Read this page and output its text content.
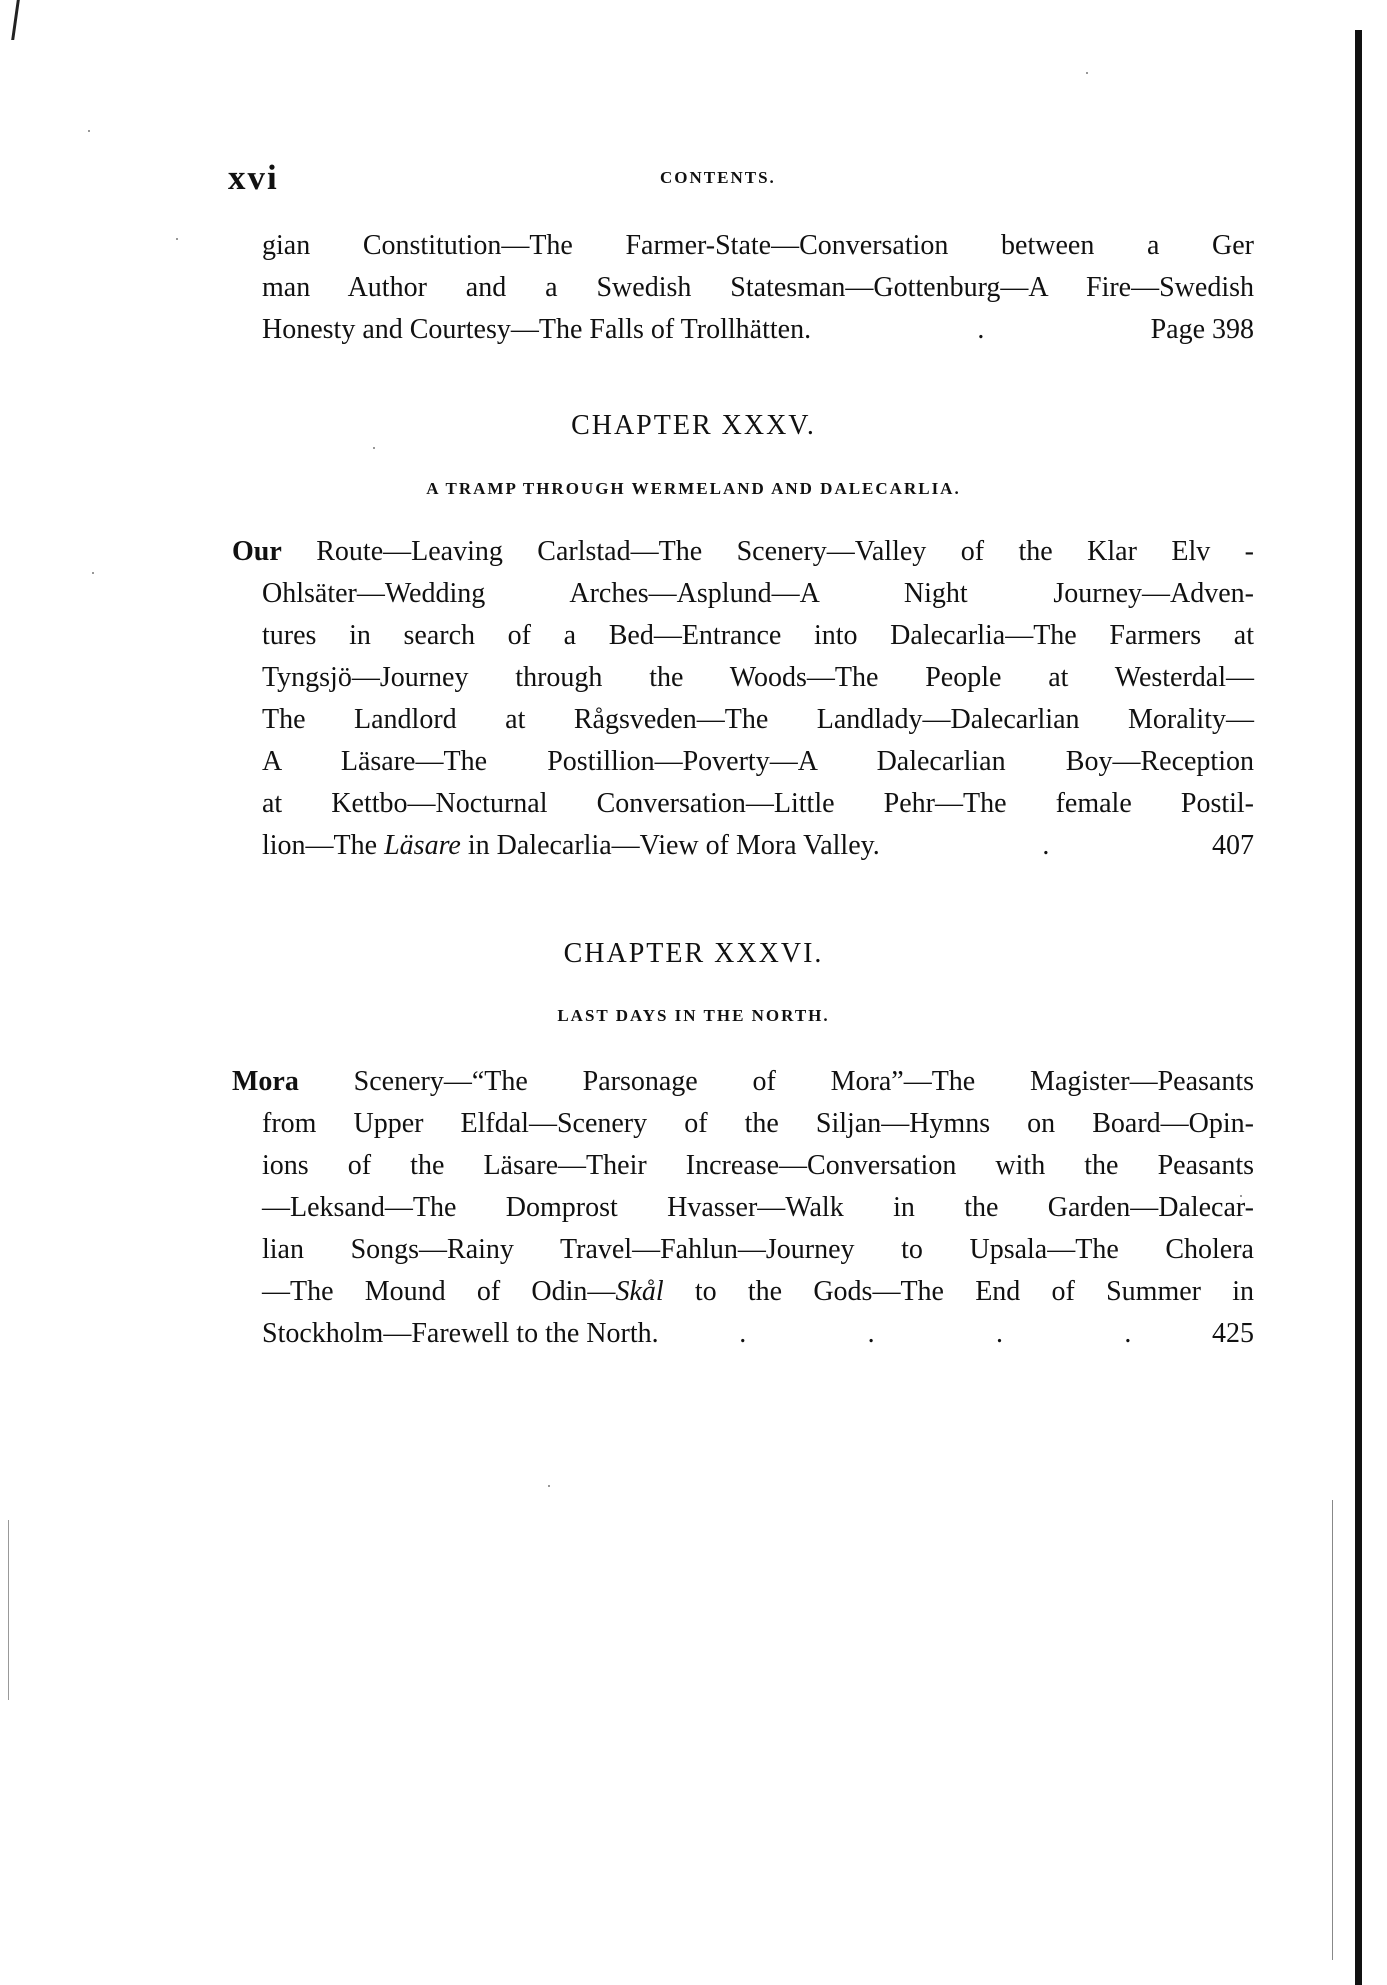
xvi	CONTENTS.
gian Constitution—The Farmer-State—Conversation between a Ger
man Author and a Swedish Statesman—Gottenburg—A Fire—Swedish
Honesty and Courtesy—The Falls of Trollhätten.	.	Page 398
CHAPTER XXXV.
A TRAMP THROUGH WERMELAND AND DALECARLIA.
Our Route—Leaving Carlstad—The Scenery—Valley of the Klar Elv -
Ohlsäter—Wedding Arches—Asplund—A Night Journey—Adven-
tures in search of a Bed—Entrance into Dalecarlia—The Farmers at
Tyngsjö—Journey through the Woods—The People at Westerdal—
The Landlord at Rågsveden—The Landlady—Dalecarlian Morality—
A Läsare—The Postillion—Poverty—A Dalecarlian Boy—Reception
at Kettbo—Nocturnal Conversation—Little Pehr—The female Postil-
lion—The Läsare in Dalecarlia—View of Mora Valley.	.	407
CHAPTER XXXVI.
LAST DAYS IN THE NORTH.
Mora Scenery—“The Parsonage of Mora”—The Magister—Peasants
from Upper Elfdal—Scenery of the Siljan—Hymns on Board—Opin-
ions of the Läsare—Their Increase—Conversation with the Peasants
—Leksand—The Domprost Hvasser—Walk in the Garden—Dalecar-
lian Songs—Rainy Travel—Fahlun—Journey to Upsala—The Cholera
—The Mound of Odin—Skål to the Gods—The End of Summer in
Stockholm—Farewell to the North.	.	.	.	.	425
